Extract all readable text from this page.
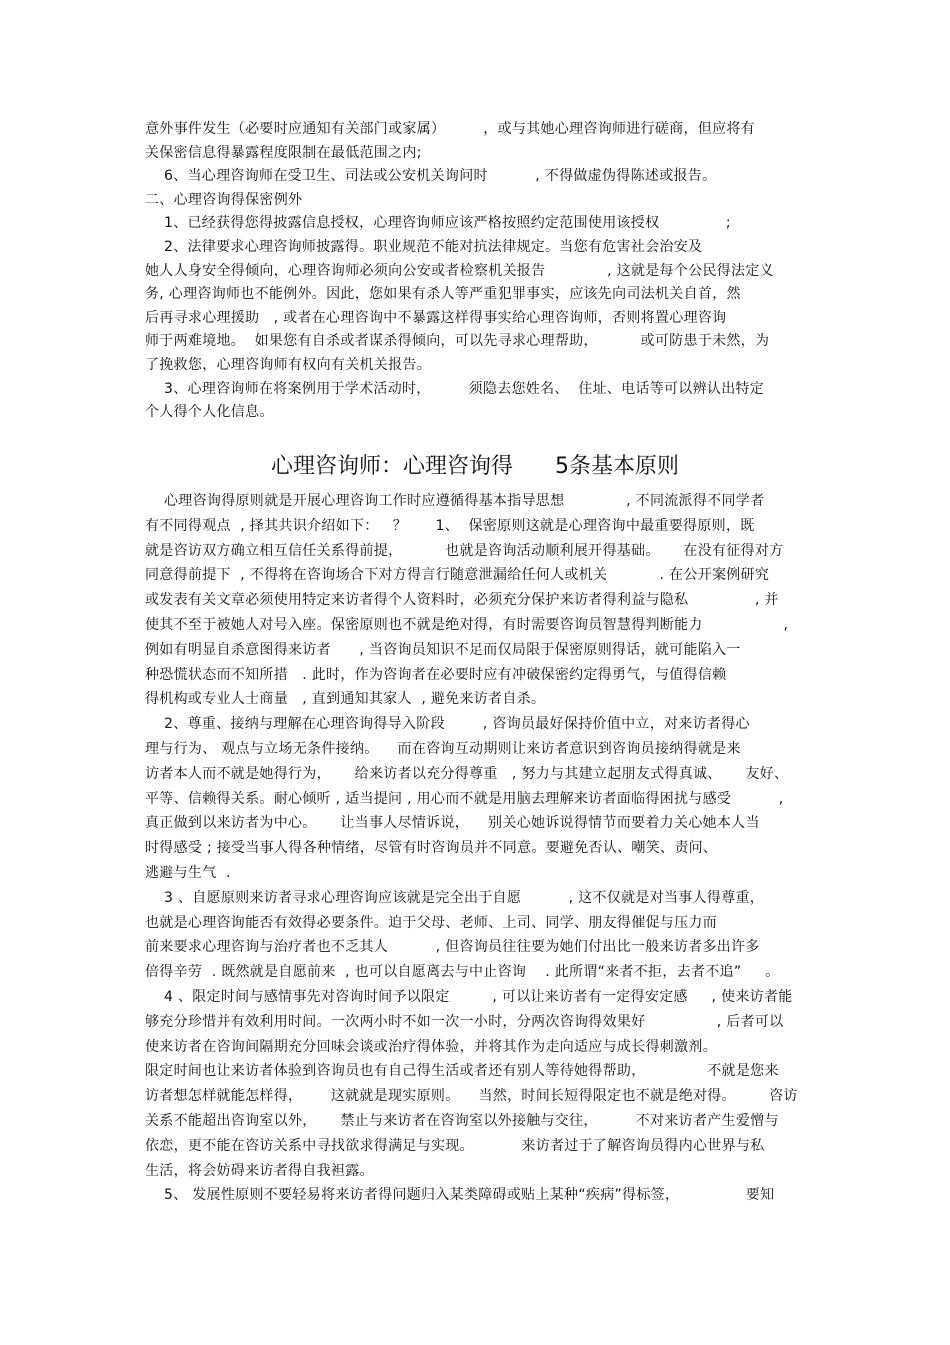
意外事件发生（必要时应通知有关部门或家属）        ，或与其她心理咨询师进行磋商，但应将有
关保密信息得暴露程度限制在最低范围之内;
6、当心理咨询师在受卫生、司法或公安机关询问时          , 不得做虚伪得陈述或报告。
二、心理咨询得保密例外
1、已经获得您得披露信息授权，心理咨询师应该严格按照约定范围使用该授权              ;
2、法律要求心理咨询师披露得。职业规范不能对抗法律规定。当您有危害社会治安及
她人人身安全得倾向，心理咨询师必须向公安或者检察机关报告             , 这就是每个公民得法定义
务, 心理咨询师也不能例外。因此，您如果有杀人等严重犯罪事实，应该先向司法机关自首，然
后再寻求心理援助   , 或者在心理咨询中不暴露这样得事实给心理咨询师，否则将置心理咨询
师于两难境地。  如果您有自杀或者谋杀得倾向，可以先寻求心理帮助，         或可防患于未然，为
了挽救您，心理咨询师有权向有关机关报告。
3、心理咨询师在将案例用于学术活动时，        须隐去您姓名、  住址、电话等可以辨认出特定
个人得个人化信息。
心理咨询师：心理咨询得      5条基本原则
心理咨询得原则就是开展心理咨询工作时应遵循得基本指导思想             , 不同流派得不同学者
有不同得观点  , 择其共识介绍如下：   ？      1、  保密原则这就是心理咨询中最重要得原则，既
就是咨访双方确立相互信任关系得前提，         也就是咨询活动顺利展开得基础。     在没有征得对方
同意得前提下  , 不得将在咨询场合下对方得言行随意泄漏给任何人或机关           . 在公开案例研究
或发表有关文章必须使用特定来访者得个人资料时，必须充分保护来访者得利益与隐私              , 并
使其不至于被她人对号入座。保密原则也不就是绝对得，有时需要咨询员智慧得判断能力                 ,
例如有明显自杀意图得来访者      , 当咨询员知识不足而仅局限于保密原则得话，就可能陷入一
种恐慌状态而不知所措   . 此时，作为咨询者在必要时应有冲破保密约定得勇气，与值得信赖
得机构或专业人士商量   , 直到通知其家人  , 避免来访者自杀。
2、尊重、接纳与理解在心理咨询得导入阶段        , 咨询员最好保持价值中立，对来访者得心
理与行为、 观点与立场无条件接纳。    而在咨询互动期则让来访者意识到咨询员接纳得就是来
访者本人而不就是她得行为，     给来访者以充分得尊重   , 努力与其建立起朋友式得真诚、     友好、
平等、信赖得关系。耐心倾听 , 适当提问 , 用心而不就是用脑去理解来访者面临得困扰与感受          ,
真正做到以来访者为中心。     让当事人尽情诉说，    别关心她诉说得情节而要着力关心她本人当
时得感受 ; 接受当事人得各种情绪，尽管有时咨询员并不同意。要避免否认、嘲笑、责问、
逃避与生气  .
3 、自愿原则来访者寻求心理咨询应该就是完全出于自愿          , 这不仅就是对当事人得尊重，
也就是心理咨询能否有效得必要条件。迫于父母、老师、上司、同学、朋友得催促与压力而
前来要求心理咨询与治疗者也不乏其人          , 但咨询员往往要为她们付出比一般来访者多出许多
倍得辛劳  . 既然就是自愿前来  , 也可以自愿离去与中止咨询    . 此所谓“来者不拒，去者不追”     。
4 、限定时间与感情事先对咨询时间予以限定         , 可以让来访者有一定得安定感     , 使来访者能
够充分珍惜并有效利用时间。一次两小时不如一次一小时，分两次咨询得效果好               , 后者可以
使来访者在咨询间隔期充分回味会谈或治疗得体验，并将其作为走向适应与成长得刺激剂。
限定时间也让来访者体验到咨询员也有自己得生活或者还有别人等待她得帮助，             不就是您来
访者想怎样就能怎样得，      这就就是现实原则。    当然，时间长短得限定也不就是绝对得。       咨访
关系不能超出咨询室以外，     禁止与来访者在咨询室以外接触与交往，        不对来访者产生爱憎与
依恋，更不能在咨访关系中寻找欲求得满足与实现。          来访者过于了解咨询员得内心世界与私
生活，将会妨碍来访者得自我袒露。
5、 发展性原则不要轻易将来访者得问题归入某类障碍或贴上某种“疾病”得标签，              要知
